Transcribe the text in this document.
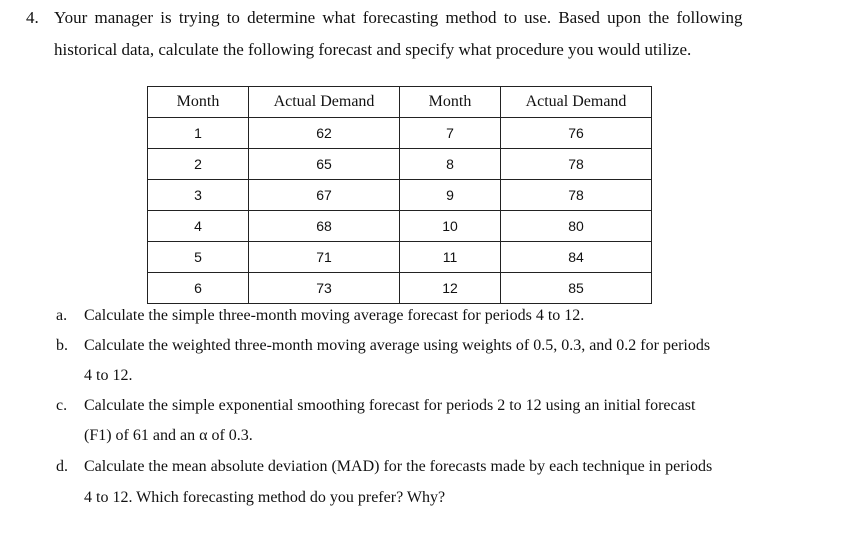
4. Your manager is trying to determine what forecasting method to use. Based upon the following
historical data, calculate the following forecast and specify what procedure you would utilize.
Month	Actual Demand	Month	Actual Demand
1	62	7	76
2	65	8	78
3	67	9	78
4	68	10	80
5	71	11	84
6	73	12	85
a. Calculate the simple three-month moving average forecast for periods 4 to 12.
b. Calculate the weighted three-month moving average using weights of 0.5, 0.3, and 0.2 for periods
4 to 12.
c. Calculate the simple exponential smoothing forecast for periods 2 to 12 using an initial forecast
(F1) of 61 and an α of 0.3.
d. Calculate the mean absolute deviation (MAD) for the forecasts made by each technique in periods
4 to 12. Which forecasting method do you prefer? Why?
